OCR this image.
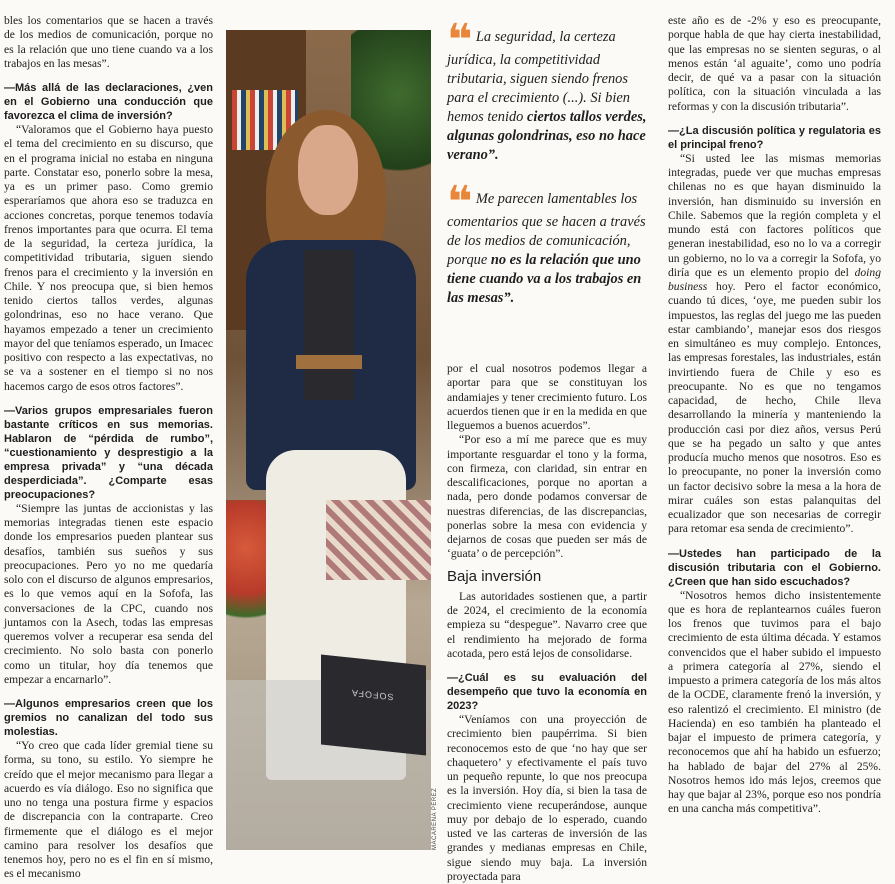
bles los comentarios que se hacen a través de los medios de comunicación, porque no es la relación que uno tiene cuando va a los trabajos en las mesas”.

—Más allá de las declaraciones, ¿ven en el Gobierno una conducción que favorezca el clima de inversión?

“Valoramos que el Gobierno haya puesto el tema del crecimiento en su discurso, que en el programa inicial no estaba en ninguna parte. Constatar eso, ponerlo sobre la mesa, ya es un primer paso. Como gremio esperaríamos que ahora eso se traduzca en acciones concretas, porque tenemos todavía frenos importantes para que ocurra. El tema de la seguridad, la certeza jurídica, la competitividad tributaria, siguen siendo frenos para el crecimiento y la inversión en Chile. Y nos preocupa que, si bien hemos tenido ciertos tallos verdes, algunas golondrinas, eso no hace verano. Que hayamos empezado a tener un crecimiento mayor del que teníamos esperado, un Imacec positivo con respecto a las expectativas, no se va a sostener en el tiempo si no nos hacemos cargo de esos otros factores”.

—Varios grupos empresariales fueron bastante críticos en sus memorias. Hablaron de “pérdida de rumbo”, “cuestionamiento y desprestigio a la empresa privada” y “una década desperdiciada”. ¿Comparte esas preocupaciones?

“Siempre las juntas de accionistas y las memorias integradas tienen este espacio donde los empresarios pueden plantear sus desafíos, también sus sueños y sus preocupaciones. Pero yo no me quedaría solo con el discurso de algunos empresarios, es lo que vemos aquí en la Sofofa, las conversaciones de la CPC, cuando nos juntamos con la Asech, todas las empresas queremos volver a recuperar esa senda del crecimiento. No solo basta con ponerlo como un titular, hoy día tenemos que empezar a encarnarlo”.

—Algunos empresarios creen que los gremios no canalizan del todo sus molestias.

“Yo creo que cada líder gremial tiene su forma, su tono, su estilo. Yo siempre he creído que el mejor mecanismo para llegar a acuerdo es vía diálogo. Eso no significa que uno no tenga una postura firme y espacios de discrepancia con la contraparte. Creo firmemente que el diálogo es el mejor camino para resolver los desafíos que tenemos hoy, pero no es el fin en sí mismo, es el mecanismo

SOFOFA
MACARENA PÉREZ
❝ La seguridad, la certeza jurídica, la competitividad tributaria, siguen siendo frenos para el crecimiento (...). Si bien hemos tenido ciertos tallos verdes, algunas golondrinas, eso no hace verano”.
❝ Me parecen lamentables los comentarios que se hacen a través de los medios de comunicación, porque no es la relación que uno tiene cuando va a los trabajos en las mesas”.

por el cual nosotros podemos llegar a aportar para que se constituyan los andamiajes y tener crecimiento futuro. Los acuerdos tienen que ir en la medida en que lleguemos a buenos acuerdos”.

“Por eso a mí me parece que es muy importante resguardar el tono y la forma, con firmeza, con claridad, sin entrar en descalificaciones, porque no aportan a nada, pero donde podamos conversar de nuestras diferencias, de las discrepancias, ponerlas sobre la mesa con evidencia y dejarnos de cosas que pueden ser más de ‘guata’ o de percepción”.

Baja inversión

Las autoridades sostienen que, a partir de 2024, el crecimiento de la economía empieza su “despegue”. Navarro cree que el rendimiento ha mejorado de forma acotada, pero está lejos de consolidarse.

—¿Cuál es su evaluación del desempeño que tuvo la economía en 2023?

“Veníamos con una proyección de crecimiento bien paupérrima. Si bien reconocemos esto de que ‘no hay que ser chaquetero’ y efectivamente el país tuvo un pequeño repunte, lo que nos preocupa es la inversión. Hoy día, si bien la tasa de crecimiento viene recuperándose, aunque muy por debajo de lo esperado, cuando usted ve las carteras de inversión de las grandes y medianas empresas en Chile, sigue siendo muy baja. La inversión proyectada para

este año es de -2% y eso es preocupante, porque habla de que hay cierta inestabilidad, que las empresas no se sienten seguras, o al menos están ‘al aguaite’, como uno podría decir, de qué va a pasar con la situación política, con la situación vinculada a las reformas y con la discusión tributaria”.

—¿La discusión política y regulatoria es el principal freno?

“Si usted lee las mismas memorias integradas, puede ver que muchas empresas chilenas no es que hayan disminuido la inversión, han disminuido su inversión en Chile. Sabemos que la región completa y el mundo está con factores políticos que generan inestabilidad, eso no lo va a corregir un gobierno, no lo va a corregir la Sofofa, yo diría que es un elemento propio del doing business hoy. Pero el factor económico, cuando tú dices, ‘oye, me pueden subir los impuestos, las reglas del juego me las pueden estar cambiando’, manejar esos dos riesgos en simultáneo es muy complejo. Entonces, las empresas forestales, las industriales, están invirtiendo fuera de Chile y eso es preocupante. No es que no tengamos capacidad, de hecho, Chile lleva desarrollando la minería y manteniendo la producción casi por diez años, versus Perú que se ha pegado un salto y que antes producía mucho menos que nosotros. Eso es lo preocupante, no poner la inversión como un factor decisivo sobre la mesa a la hora de mirar cuáles son estas palanquitas del ecualizador que son necesarias de corregir para retomar esa senda de crecimiento”.

—Ustedes han participado de la discusión tributaria con el Gobierno. ¿Creen que han sido escuchados?

“Nosotros hemos dicho insistentemente que es hora de replantearnos cuáles fueron los frenos que tuvimos para el bajo crecimiento de esta última década. Y estamos convencidos que el haber subido el impuesto a primera categoría al 27%, siendo el impuesto a primera categoría de los más altos de la OCDE, claramente frenó la inversión, y eso ralentizó el crecimiento. El ministro (de Hacienda) en eso también ha planteado el bajar el impuesto de primera categoría, y reconocemos que ahí ha habido un esfuerzo; ha hablado de bajar del 27% al 25%. Nosotros hemos ido más lejos, creemos que hay que bajar al 23%, porque eso nos pondría en una cancha más competitiva”.
